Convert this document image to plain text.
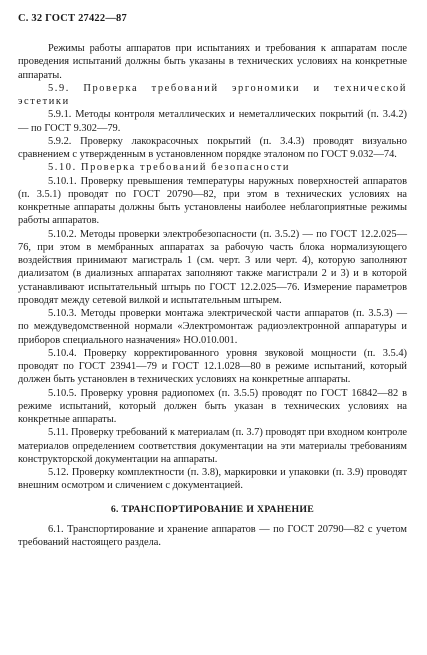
С. 32 ГОСТ 27422—87

Режимы работы аппаратов при испытаниях и требования к аппаратам после проведения испытаний должны быть указаны в технических условиях на конкретные аппараты.

5.9. Проверка требований эргономики и технической эстетики

5.9.1. Методы контроля металлических и неметаллических покрытий (п. 3.4.2) — по ГОСТ 9.302—79.

5.9.2. Проверку лакокрасочных покрытий (п. 3.4.3) проводят визуально сравнением с утвержденным в установленном порядке эталоном по ГОСТ 9.032—74.

5.10. Проверка требований безопасности

5.10.1. Проверку превышения температуры наружных поверхностей аппаратов (п. 3.5.1) проводят по ГОСТ 20790—82, при этом в технических условиях на конкретные аппараты должны быть установлены наиболее неблагоприятные режимы работы аппаратов.

5.10.2. Методы проверки электробезопасности (п. 3.5.2) — по ГОСТ 12.2.025—76, при этом в мембранных аппаратах за рабочую часть блока нормализующего воздействия принимают магистраль 1 (см. черт. 3 или черт. 4), которую заполняют диализатом (в диализных аппаратах заполняют также магистрали 2 и 3) и в которой устанавливают испытательный штырь по ГОСТ 12.2.025—76. Измерение параметров проводят между сетевой вилкой и испытательным штырем.

5.10.3. Методы проверки монтажа электрической части аппаратов (п. 3.5.3) — по междуведомственной нормали «Электромонтаж радиоэлектронной аппаратуры и приборов специального назначения» НО.010.001.

5.10.4. Проверку корректированного уровня звуковой мощности (п. 3.5.4) проводят по ГОСТ 23941—79 и ГОСТ 12.1.028—80 в режиме испытаний, который должен быть установлен в технических условиях на конкретные аппараты.

5.10.5. Проверку уровня радиопомех (п. 3.5.5) проводят по ГОСТ 16842—82 в режиме испытаний, который должен быть указан в технических условиях на конкретные аппараты.

5.11. Проверку требований к материалам (п. 3.7) проводят при входном контроле материалов определением соответствия документации на эти материалы требованиям конструкторской документации на аппараты.

5.12. Проверку комплектности (п. 3.8), маркировки и упаковки (п. 3.9) проводят внешним осмотром и сличением с документацией.

6. ТРАНСПОРТИРОВАНИЕ И ХРАНЕНИЕ

6.1. Транспортирование и хранение аппаратов — по ГОСТ 20790—82 с учетом требований настоящего раздела.
